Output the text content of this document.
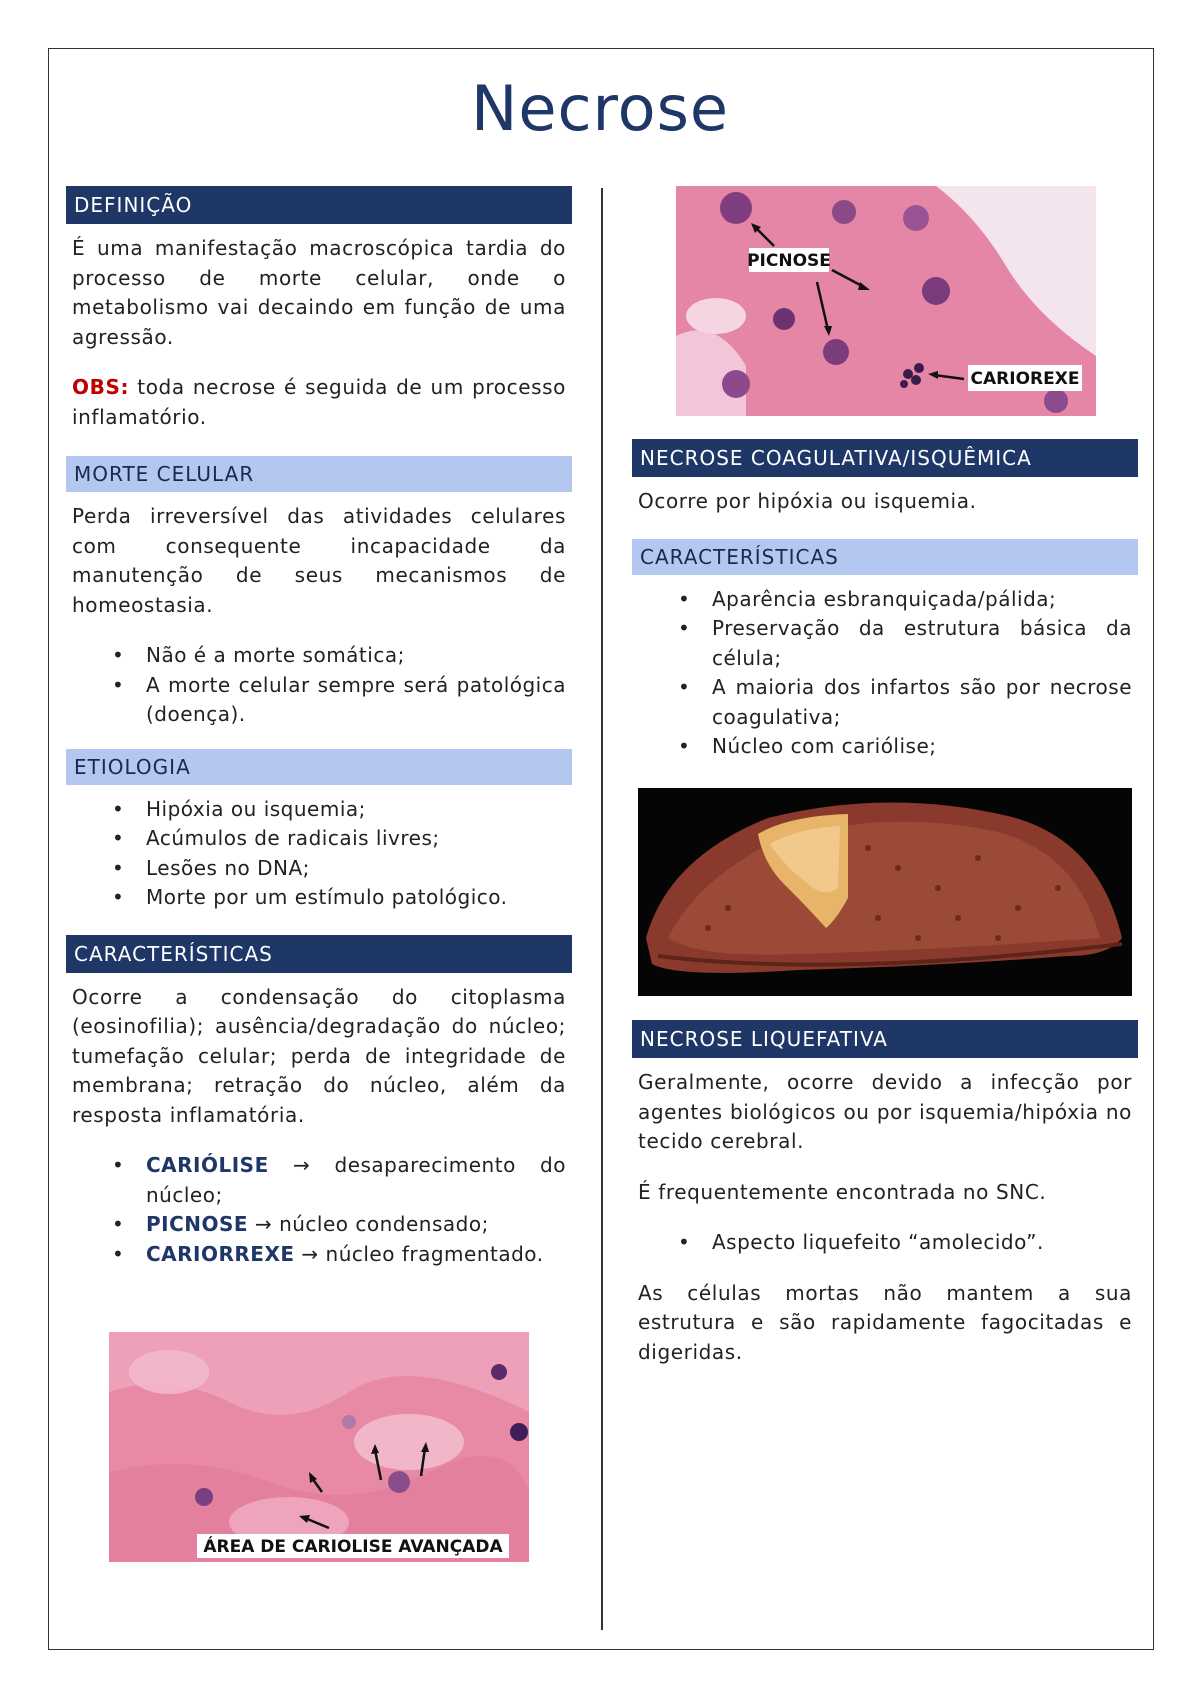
Necrose
DEFINIÇÃO
É uma manifestação macroscópica tardia do processo de morte celular, onde o metabolismo vai decaindo em função de uma agressão.
OBS: toda necrose é seguida de um processo inflamatório.
MORTE CELULAR
Perda irreversível das atividades celulares com consequente incapacidade da manutenção de seus mecanismos de homeostasia.
• Não é a morte somática;
• A morte celular sempre será patológica (doença).
ETIOLOGIA
• Hipóxia ou isquemia;
• Acúmulos de radicais livres;
• Lesões no DNA;
• Morte por um estímulo patológico.
CARACTERÍSTICAS
Ocorre a condensação do citoplasma (eosinofilia); ausência/degradação do núcleo; tumefação celular; perda de integridade de membrana; retração do núcleo, além da resposta inflamatória.
• CARIÓLISE → desaparecimento do núcleo;
• PICNOSE → núcleo condensado;
• CARIORREXE → núcleo fragmentado.
ÁREA DE CARIOLISE AVANÇADA
PICNOSE
CARIOREXE
NECROSE COAGULATIVA/ISQUÊMICA
Ocorre por hipóxia ou isquemia.
CARACTERÍSTICAS
• Aparência esbranquiçada/pálida;
• Preservação da estrutura básica da célula;
• A maioria dos infartos são por necrose coagulativa;
• Núcleo com cariólise;
NECROSE LIQUEFATIVA
Geralmente, ocorre devido a infecção por agentes biológicos ou por isquemia/hipóxia no tecido cerebral.
É frequentemente encontrada no SNC.
• Aspecto liquefeito “amolecido”.
As células mortas não mantem a sua estrutura e são rapidamente fagocitadas e digeridas.
